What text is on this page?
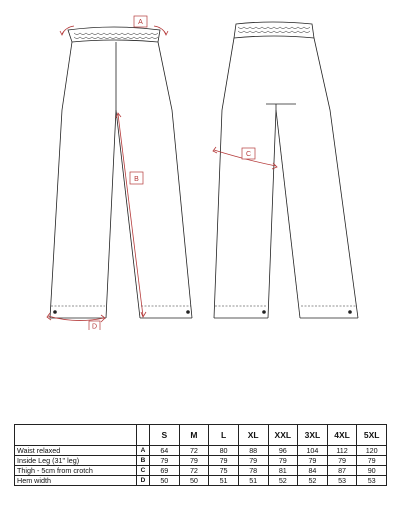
A
B
C
D
		S	M	L	XL	XXL	3XL	4XL	5XL
Waist relaxed	A	64	72	80	88	96	104	112	120
Inside Leg (31" leg)	B	79	79	79	79	79	79	79	79
Thigh - 5cm from crotch	C	69	72	75	78	81	84	87	90
Hem width	D	50	50	51	51	52	52	53	53
